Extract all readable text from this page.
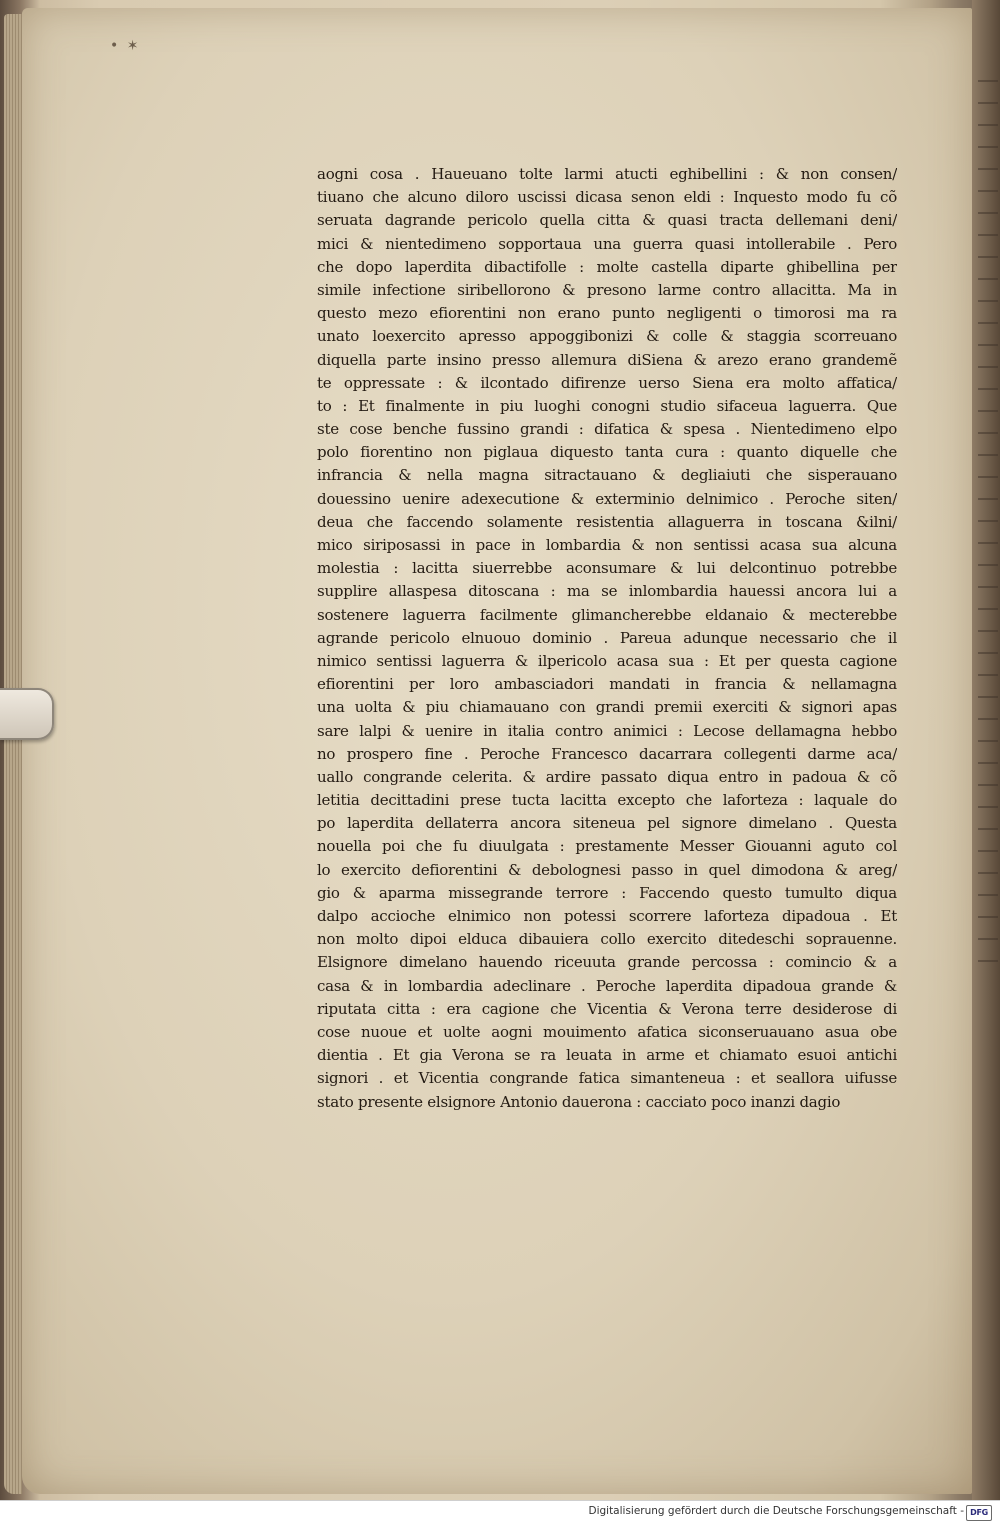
• ✶
aogni cosa . Haueuano tolte larmi atucti eghibellini : & non consen/
tiuano che alcuno diloro uscissi dicasa senon eldi : Inquesto modo fu cõ
seruata dagrande pericolo quella citta & quasi tracta dellemani deni/
mici & nientedimeno sopportaua una guerra quasi intollerabile . Pero
che dopo laperdita dibactifolle : molte castella diparte ghibellina per
simile infectione siribellorono & presono larme contro allacitta. Ma in
questo mezo efiorentini non erano punto negligenti o timorosi ma ra
unato loexercito apresso appoggibonizi & colle & staggia scorreuano
diquella parte insino presso allemura diSiena & arezo erano grandemẽ
te oppressate : & ilcontado difirenze uerso Siena era molto affatica/
to : Et finalmente in piu luoghi conogni studio sifaceua laguerra. Que
ste cose benche fussino grandi : difatica & spesa . Nientedimeno elpo
polo fiorentino non piglaua diquesto tanta cura : quanto diquelle che
infrancia & nella magna sitractauano & degliaiuti che sisperauano
douessino uenire adexecutione & exterminio delnimico . Peroche siten/
deua che faccendo solamente resistentia allaguerra in toscana &ilni/
mico siriposassi in pace in lombardia & non sentissi acasa sua alcuna
molestia : lacitta siuerrebbe aconsumare & lui delcontinuo potrebbe
supplire allaspesa ditoscana : ma se inlombardia hauessi ancora lui a
sostenere laguerra facilmente glimancherebbe eldanaio & mecterebbe
agrande pericolo elnuouo dominio . Pareua adunque necessario che il
nimico sentissi laguerra & ilpericolo acasa sua : Et per questa cagione
efiorentini per loro ambasciadori mandati in francia & nellamagna
una uolta & piu chiamauano con grandi premii exerciti & signori apas
sare lalpi & uenire in italia contro animici : Lecose dellamagna hebbo
no prospero fine . Peroche Francesco dacarrara collegenti darme aca/
uallo congrande celerita. & ardire passato diqua entro in padoua & cõ
letitia decittadini prese tucta lacitta excepto che laforteza : laquale do
po laperdita dellaterra ancora siteneua pel signore dimelano . Questa
nouella poi che fu diuulgata : prestamente Messer Giouanni aguto col
lo exercito defiorentini & debolognesi passo in quel dimodona & areg/
gio & aparma missegrande terrore : Faccendo questo tumulto diqua
dalpo accioche elnimico non potessi scorrere laforteza dipadoua . Et
non molto dipoi elduca dibauiera collo exercito ditedeschi soprauenne.
Elsignore dimelano hauendo riceuuta grande percossa : comincio & a
casa & in lombardia adeclinare . Peroche laperdita dipadoua grande &
riputata citta : era cagione che Vicentia & Verona terre desiderose di
cose nuoue et uolte aogni mouimento afatica siconseruauano asua obe
dientia . Et gia Verona se ra leuata in arme et chiamato esuoi antichi
signori . et Vicentia congrande fatica simanteneua : et seallora uifusse
stato presente elsignore Antonio dauerona : cacciato poco inanzi dagio
Digitalisierung gefördert durch die Deutsche Forschungsgemeinschaft - DFG
